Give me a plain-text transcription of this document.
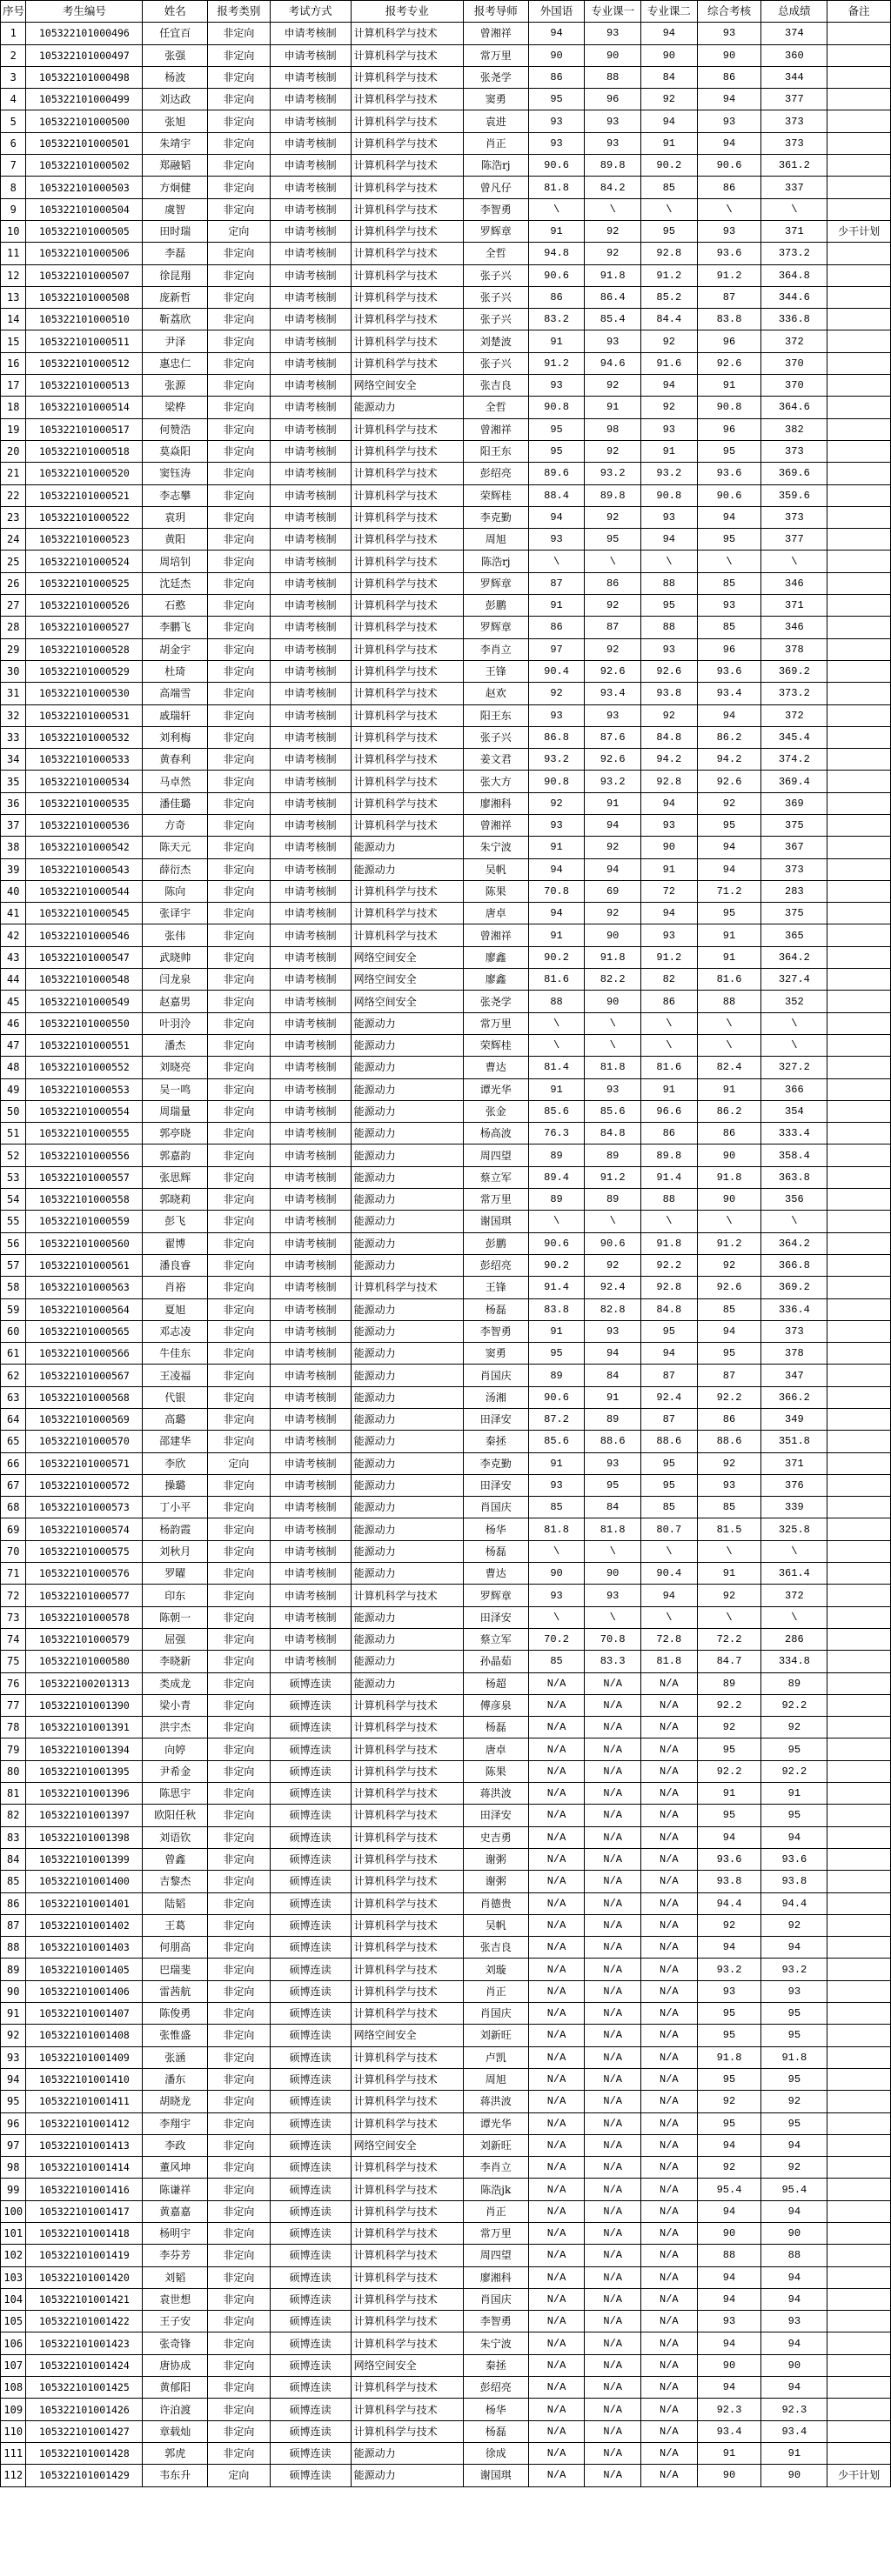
序号	考生编号	姓名	报考类别	考试方式	报考专业	报考导师	外国语	专业课一	专业课二	综合考核	总成绩	备注
1	105322101000496	任宜百	非定向	申请考核制	计算机科学与技术	曾湘祥	94	93	94	93	374	
2	105322101000497	张强	非定向	申请考核制	计算机科学与技术	常万里	90	90	90	90	360	
3	105322101000498	杨波	非定向	申请考核制	计算机科学与技术	张尧学	86	88	84	86	344	
4	105322101000499	刘达政	非定向	申请考核制	计算机科学与技术	窦勇	95	96	92	94	377	
5	105322101000500	张旭	非定向	申请考核制	计算机科学与技术	袁进	93	93	94	93	373	
6	105322101000501	朱靖宇	非定向	申请考核制	计算机科学与技术	肖正	93	93	91	94	373	
7	105322101000502	郑融韬	非定向	申请考核制	计算机科学与技术	陈浩rj	90.6	89.8	90.2	90.6	361.2	
8	105322101000503	方炯健	非定向	申请考核制	计算机科学与技术	曾凡仔	81.8	84.2	85	86	337	
9	105322101000504	虞智	非定向	申请考核制	计算机科学与技术	李智勇	\	\	\	\	\	
10	105322101000505	田时瑞	定向	申请考核制	计算机科学与技术	罗辉章	91	92	95	93	371	少干计划
11	105322101000506	李磊	非定向	申请考核制	计算机科学与技术	全哲	94.8	92	92.8	93.6	373.2	
12	105322101000507	徐昆翔	非定向	申请考核制	计算机科学与技术	张子兴	90.6	91.8	91.2	91.2	364.8	
13	105322101000508	庞新哲	非定向	申请考核制	计算机科学与技术	张子兴	86	86.4	85.2	87	344.6	
14	105322101000510	靳荔欣	非定向	申请考核制	计算机科学与技术	张子兴	83.2	85.4	84.4	83.8	336.8	
15	105322101000511	尹泽	非定向	申请考核制	计算机科学与技术	刘楚波	91	93	92	96	372	
16	105322101000512	惠忠仁	非定向	申请考核制	计算机科学与技术	张子兴	91.2	94.6	91.6	92.6	370	
17	105322101000513	张源	非定向	申请考核制	网络空间安全	张吉良	93	92	94	91	370	
18	105322101000514	梁桦	非定向	申请考核制	能源动力	全哲	90.8	91	92	90.8	364.6	
19	105322101000517	何赞浩	非定向	申请考核制	计算机科学与技术	曾湘祥	95	98	93	96	382	
20	105322101000518	莫焱阳	非定向	申请考核制	计算机科学与技术	阳王东	95	92	91	95	373	
21	105322101000520	窦钰涛	非定向	申请考核制	计算机科学与技术	彭绍亮	89.6	93.2	93.2	93.6	369.6	
22	105322101000521	李志攀	非定向	申请考核制	计算机科学与技术	荣辉桂	88.4	89.8	90.8	90.6	359.6	
23	105322101000522	袁玥	非定向	申请考核制	计算机科学与技术	李克勤	94	92	93	94	373	
24	105322101000523	黄阳	非定向	申请考核制	计算机科学与技术	周旭	93	95	94	95	377	
25	105322101000524	周培钊	非定向	申请考核制	计算机科学与技术	陈浩rj	\	\	\	\	\	
26	105322101000525	沈廷杰	非定向	申请考核制	计算机科学与技术	罗辉章	87	86	88	85	346	
27	105322101000526	石憨	非定向	申请考核制	计算机科学与技术	彭鹏	91	92	95	93	371	
28	105322101000527	李鹏飞	非定向	申请考核制	计算机科学与技术	罗辉章	86	87	88	85	346	
29	105322101000528	胡金宇	非定向	申请考核制	计算机科学与技术	李肖立	97	92	93	96	378	
30	105322101000529	杜琦	非定向	申请考核制	计算机科学与技术	王锋	90.4	92.6	92.6	93.6	369.2	
31	105322101000530	高端雪	非定向	申请考核制	计算机科学与技术	赵欢	92	93.4	93.8	93.4	373.2	
32	105322101000531	戚瑞轩	非定向	申请考核制	计算机科学与技术	阳王东	93	93	92	94	372	
33	105322101000532	刘利梅	非定向	申请考核制	计算机科学与技术	张子兴	86.8	87.6	84.8	86.2	345.4	
34	105322101000533	黄春利	非定向	申请考核制	计算机科学与技术	姜文君	93.2	92.6	94.2	94.2	374.2	
35	105322101000534	马卓然	非定向	申请考核制	计算机科学与技术	张大方	90.8	93.2	92.8	92.6	369.4	
36	105322101000535	潘佳璐	非定向	申请考核制	计算机科学与技术	廖湘科	92	91	94	92	369	
37	105322101000536	方奇	非定向	申请考核制	计算机科学与技术	曾湘祥	93	94	93	95	375	
38	105322101000542	陈天元	非定向	申请考核制	能源动力	朱宁波	91	92	90	94	367	
39	105322101000543	薛衍杰	非定向	申请考核制	能源动力	吴帆	94	94	91	94	373	
40	105322101000544	陈向	非定向	申请考核制	计算机科学与技术	陈果	70.8	69	72	71.2	283	
41	105322101000545	张译宇	非定向	申请考核制	计算机科学与技术	唐卓	94	92	94	95	375	
42	105322101000546	张伟	非定向	申请考核制	计算机科学与技术	曾湘祥	91	90	93	91	365	
43	105322101000547	武晓帅	非定向	申请考核制	网络空间安全	廖鑫	90.2	91.8	91.2	91	364.2	
44	105322101000548	闫龙泉	非定向	申请考核制	网络空间安全	廖鑫	81.6	82.2	82	81.6	327.4	
45	105322101000549	赵嘉男	非定向	申请考核制	网络空间安全	张尧学	88	90	86	88	352	
46	105322101000550	叶羽泠	非定向	申请考核制	能源动力	常万里	\	\	\	\	\	
47	105322101000551	潘杰	非定向	申请考核制	能源动力	荣辉桂	\	\	\	\	\	
48	105322101000552	刘晓亮	非定向	申请考核制	能源动力	曹达	81.4	81.8	81.6	82.4	327.2	
49	105322101000553	吴一鸣	非定向	申请考核制	能源动力	谭光华	91	93	91	91	366	
50	105322101000554	周瑞量	非定向	申请考核制	能源动力	张金	85.6	85.6	96.6	86.2	354	
51	105322101000555	郭亭晓	非定向	申请考核制	能源动力	杨高波	76.3	84.8	86	86	333.4	
52	105322101000556	郭嘉韵	非定向	申请考核制	能源动力	周四望	89	89	89.8	90	358.4	
53	105322101000557	张思辉	非定向	申请考核制	能源动力	蔡立军	89.4	91.2	91.4	91.8	363.8	
54	105322101000558	郭晓莉	非定向	申请考核制	能源动力	常万里	89	89	88	90	356	
55	105322101000559	彭飞	非定向	申请考核制	能源动力	谢国琪	\	\	\	\	\	
56	105322101000560	翟博	非定向	申请考核制	能源动力	彭鹏	90.6	90.6	91.8	91.2	364.2	
57	105322101000561	潘良睿	非定向	申请考核制	能源动力	彭绍亮	90.2	92	92.2	92	366.8	
58	105322101000563	肖裕	非定向	申请考核制	计算机科学与技术	王锋	91.4	92.4	92.8	92.6	369.2	
59	105322101000564	夏旭	非定向	申请考核制	能源动力	杨磊	83.8	82.8	84.8	85	336.4	
60	105322101000565	邓志凌	非定向	申请考核制	能源动力	李智勇	91	93	95	94	373	
61	105322101000566	牛佳东	非定向	申请考核制	能源动力	窦勇	95	94	94	95	378	
62	105322101000567	王凌福	非定向	申请考核制	能源动力	肖国庆	89	84	87	87	347	
63	105322101000568	代银	非定向	申请考核制	能源动力	汤湘	90.6	91	92.4	92.2	366.2	
64	105322101000569	高璐	非定向	申请考核制	能源动力	田泽安	87.2	89	87	86	349	
65	105322101000570	邵建华	非定向	申请考核制	能源动力	秦拯	85.6	88.6	88.6	88.6	351.8	
66	105322101000571	李欣	定向	申请考核制	能源动力	李克勤	91	93	95	92	371	
67	105322101000572	操璐	非定向	申请考核制	能源动力	田泽安	93	95	95	93	376	
68	105322101000573	丁小平	非定向	申请考核制	能源动力	肖国庆	85	84	85	85	339	
69	105322101000574	杨韵霞	非定向	申请考核制	能源动力	杨华	81.8	81.8	80.7	81.5	325.8	
70	105322101000575	刘秋月	非定向	申请考核制	能源动力	杨磊	\	\	\	\	\	
71	105322101000576	罗曜	非定向	申请考核制	能源动力	曹达	90	90	90.4	91	361.4	
72	105322101000577	印东	非定向	申请考核制	计算机科学与技术	罗辉章	93	93	94	92	372	
73	105322101000578	陈朝一	非定向	申请考核制	能源动力	田泽安	\	\	\	\	\	
74	105322101000579	屈强	非定向	申请考核制	能源动力	蔡立军	70.2	70.8	72.8	72.2	286	
75	105322101000580	李晓新	非定向	申请考核制	能源动力	孙晶茹	85	83.3	81.8	84.7	334.8	
76	105322100201313	类成龙	非定向	硕博连读	能源动力	杨超	N/A	N/A	N/A	89	89	
77	105322101001390	梁小青	非定向	硕博连读	计算机科学与技术	傅彦泉	N/A	N/A	N/A	92.2	92.2	
78	105322101001391	洪宇杰	非定向	硕博连读	计算机科学与技术	杨磊	N/A	N/A	N/A	92	92	
79	105322101001394	向婷	非定向	硕博连读	计算机科学与技术	唐卓	N/A	N/A	N/A	95	95	
80	105322101001395	尹希金	非定向	硕博连读	计算机科学与技术	陈果	N/A	N/A	N/A	92.2	92.2	
81	105322101001396	陈思宇	非定向	硕博连读	计算机科学与技术	蒋洪波	N/A	N/A	N/A	91	91	
82	105322101001397	欧阳任秋	非定向	硕博连读	计算机科学与技术	田泽安	N/A	N/A	N/A	95	95	
83	105322101001398	刘语钦	非定向	硕博连读	计算机科学与技术	史吉勇	N/A	N/A	N/A	94	94	
84	105322101001399	曾鑫	非定向	硕博连读	计算机科学与技术	谢粥	N/A	N/A	N/A	93.6	93.6	
85	105322101001400	吉黎杰	非定向	硕博连读	计算机科学与技术	谢粥	N/A	N/A	N/A	93.8	93.8	
86	105322101001401	陆韬	非定向	硕博连读	计算机科学与技术	肖德贵	N/A	N/A	N/A	94.4	94.4	
87	105322101001402	王葛	非定向	硕博连读	计算机科学与技术	吴帆	N/A	N/A	N/A	92	92	
88	105322101001403	何朋高	非定向	硕博连读	计算机科学与技术	张吉良	N/A	N/A	N/A	94	94	
89	105322101001405	巴瑞斐	非定向	硕博连读	计算机科学与技术	刘璇	N/A	N/A	N/A	93.2	93.2	
90	105322101001406	雷茜航	非定向	硕博连读	计算机科学与技术	肖正	N/A	N/A	N/A	93	93	
91	105322101001407	陈俊勇	非定向	硕博连读	计算机科学与技术	肖国庆	N/A	N/A	N/A	95	95	
92	105322101001408	张惟盛	非定向	硕博连读	网络空间安全	刘新旺	N/A	N/A	N/A	95	95	
93	105322101001409	张涵	非定向	硕博连读	计算机科学与技术	卢凯	N/A	N/A	N/A	91.8	91.8	
94	105322101001410	潘东	非定向	硕博连读	计算机科学与技术	周旭	N/A	N/A	N/A	95	95	
95	105322101001411	胡晓龙	非定向	硕博连读	计算机科学与技术	蒋洪波	N/A	N/A	N/A	92	92	
96	105322101001412	李翔宇	非定向	硕博连读	计算机科学与技术	谭光华	N/A	N/A	N/A	95	95	
97	105322101001413	李政	非定向	硕博连读	网络空间安全	刘新旺	N/A	N/A	N/A	94	94	
98	105322101001414	董风坤	非定向	硕博连读	计算机科学与技术	李肖立	N/A	N/A	N/A	92	92	
99	105322101001416	陈谦祥	非定向	硕博连读	计算机科学与技术	陈浩jk	N/A	N/A	N/A	95.4	95.4	
100	105322101001417	黄嘉嘉	非定向	硕博连读	计算机科学与技术	肖正	N/A	N/A	N/A	94	94	
101	105322101001418	杨明宇	非定向	硕博连读	计算机科学与技术	常万里	N/A	N/A	N/A	90	90	
102	105322101001419	李芬芳	非定向	硕博连读	计算机科学与技术	周四望	N/A	N/A	N/A	88	88	
103	105322101001420	刘韬	非定向	硕博连读	计算机科学与技术	廖湘科	N/A	N/A	N/A	94	94	
104	105322101001421	袁世想	非定向	硕博连读	计算机科学与技术	肖国庆	N/A	N/A	N/A	94	94	
105	105322101001422	王子安	非定向	硕博连读	计算机科学与技术	李智勇	N/A	N/A	N/A	93	93	
106	105322101001423	张奇锋	非定向	硕博连读	计算机科学与技术	朱宁波	N/A	N/A	N/A	94	94	
107	105322101001424	唐协成	非定向	硕博连读	网络空间安全	秦拯	N/A	N/A	N/A	90	90	
108	105322101001425	黄郁阳	非定向	硕博连读	计算机科学与技术	彭绍亮	N/A	N/A	N/A	94	94	
109	105322101001426	许泊渡	非定向	硕博连读	计算机科学与技术	杨华	N/A	N/A	N/A	92.3	92.3	
110	105322101001427	章载灿	非定向	硕博连读	计算机科学与技术	杨磊	N/A	N/A	N/A	93.4	93.4	
111	105322101001428	郭虎	非定向	硕博连读	能源动力	徐成	N/A	N/A	N/A	91	91	
112	105322101001429	韦东升	定向	硕博连读	能源动力	谢国琪	N/A	N/A	N/A	90	90	少干计划
